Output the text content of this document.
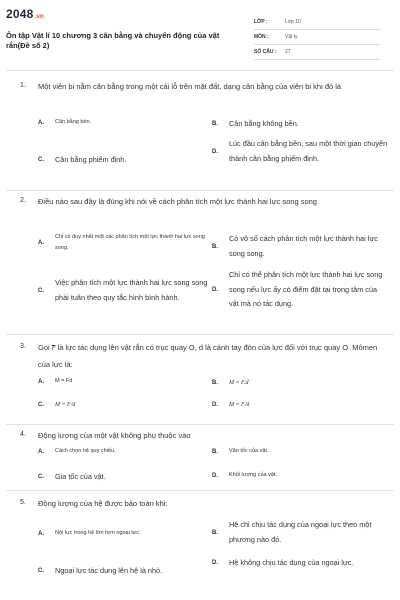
2048.vn
Ôn tập Vật lí 10 chương 3 cân bằng và chuyển động của vật rắn(Đề số 2)
LỚP :	Lớp 10
MÔN :	Vật lý
SỐ CÂU :	27
1. Một viên bi nằm cân bằng trong một cái lỗ trên mặt đất, dạng cân bằng của viên bi khi đó là
A.	Cân bằng bền.	B.	Cân bằng không bền.
C.	Cân bằng phiếm định.
D.
Lúc đầu cân bằng bền, sau một thời gian chuyển thành cân bằng phiếm định.
2. Điều nào sau đây là đúng khi nói về cách phân tích một lực thành hai lực song song
A.
Chỉ có duy nhất một các phân tích một lực thành hai lực song song.	B.
Có vô số cách phân tích một lực thành hai lực song song.
C.
Việc phân tích một lực thành hai lực song song phải tuân theo quy tắc hình bình hành.
D.
Chỉ có thể phân tích một lực thành hai lực song song nếu lực ấy có điểm đặt tại trọng tâm của vật mà nó tác dụng.
3. Gọi $\overline{F}$ là lực tác dụng lên vật rắn có trục quay O, d là cánh tay đòn của lực đối với trục quay O. Mômen của lực là:
A.	M = Fd	B.	M = F.d
C.	M = F/d	D.	M = F/d
4. Động lượng của một vật không phụ thuộc vào
A.	Cách chọn hệ quy chiếu.	B.	Vận tốc của vật.
C.	Gia tốc của vật.	D.	Khối lượng của vật.
5. Động lượng của hệ được bảo toàn khi:
A.	Nội lực trong hệ lớn hơn ngoại lực.	B.
Hệ chỉ chịu tác dụng của ngoại lực theo một phương nào đó.
C.	Ngoại lực tác dụng lên hệ là nhỏ.
D.	Hệ không chịu tác dụng của ngoại lực.
